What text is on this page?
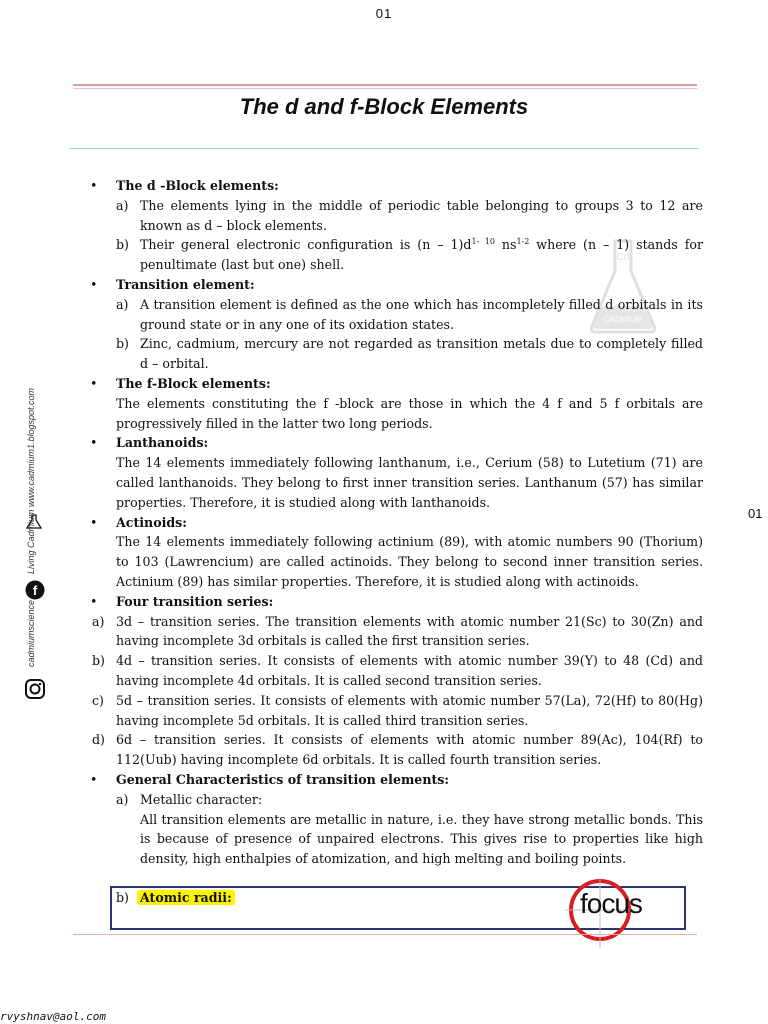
01
01
The d and f-Block Elements
Cd
CADMIUM
cadmiumscience
f
Living Cadmium
www.cadmium1.blogspot.com

• The d -Block elements:

a) The elements lying in the middle of periodic table belonging to groups 3 to 12 are known as d – block elements.

b) Their general electronic configuration is $(n - 1)d^{1- 10}$ $ns^{1-2}$ where (n – 1) stands for penultimate (last but one) shell.

• Transition element:

a) A transition element is defined as the one which has incompletely filled d orbitals in its ground state or in any one of its oxidation states.

b) Zinc, cadmium, mercury are not regarded as transition metals due to completely filled d – orbital.

• The f-Block elements:

The elements constituting the f -block are those in which the 4 f and 5 f orbitals are progressively filled in the latter two long periods.

• Lanthanoids:

The 14 elements immediately following lanthanum, i.e., Cerium (58) to Lutetium (71) are called lanthanoids. They belong to first inner transition series. Lanthanum (57) has similar properties. Therefore, it is studied along with lanthanoids.

• Actinoids:

The 14 elements immediately following actinium (89), with atomic numbers 90 (Thorium) to 103 (Lawrencium) are called actinoids. They belong to second inner transition series. Actinium (89) has similar properties. Therefore, it is studied along with actinoids.

• Four transition series:

a) 3d – transition series. The transition elements with atomic number 21(Sc) to 30(Zn) and having incomplete 3d orbitals is called the first transition series.

b) 4d – transition series. It consists of elements with atomic number 39(Y) to 48 (Cd) and having incomplete 4d orbitals. It is called second transition series.

c) 5d – transition series. It consists of elements with atomic number 57(La), 72(Hf) to 80(Hg) having incomplete 5d orbitals. It is called third transition series.

d) 6d – transition series. It consists of elements with atomic number 89(Ac), 104(Rf) to 112(Uub) having incomplete 6d orbitals. It is called fourth transition series.

• General Characteristics of transition elements:

a) Metallic character:

All transition elements are metallic in nature, i.e. they have strong metallic bonds. This is because of presence of unpaired electrons. This gives rise to properties like high density, high enthalpies of atomization, and high melting and boiling points.

b) Atomic radii:	focus
rvyshnav@aol.com
